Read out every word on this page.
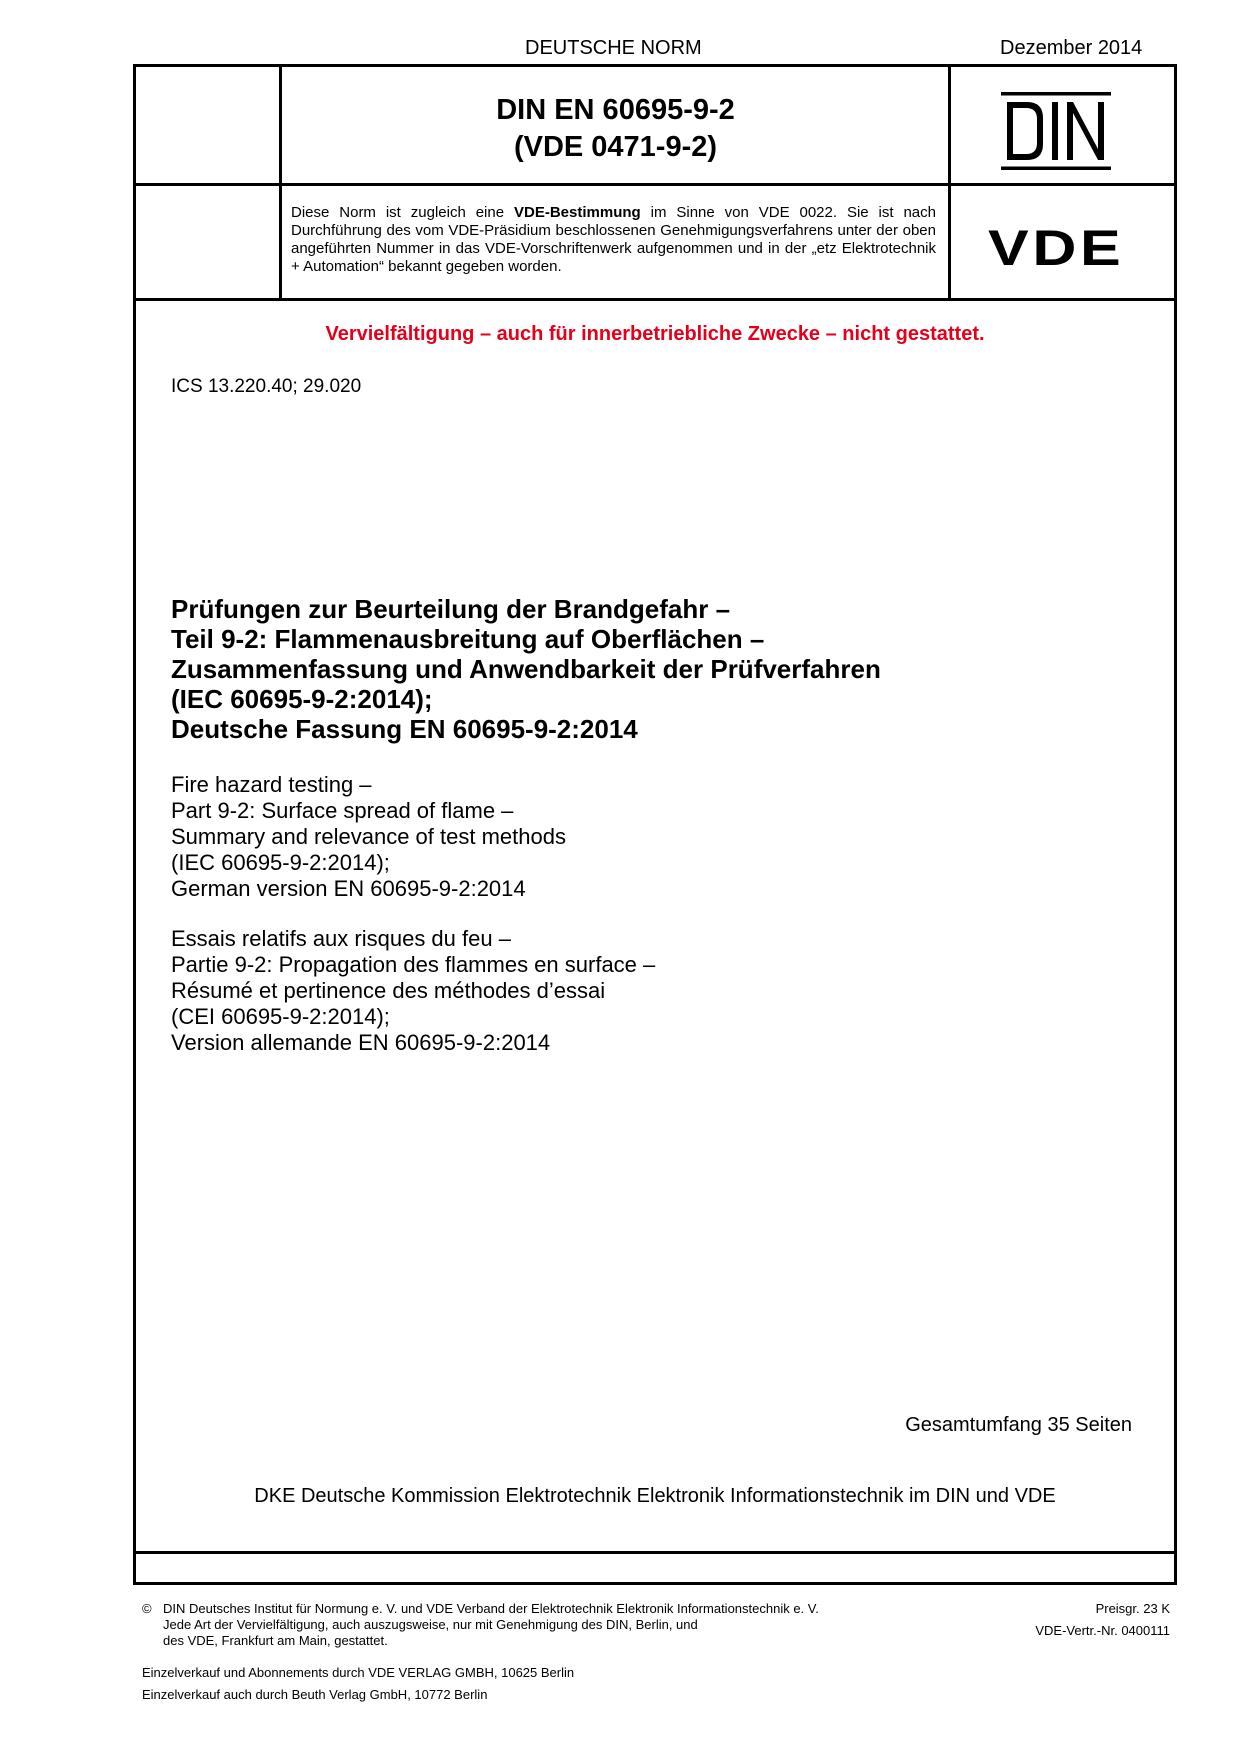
DEUTSCHE NORM	Dezember 2014
DIN EN 60695-9-2
(VDE 0471-9-2)
Diese Norm ist zugleich eine VDE-Bestimmung im Sinne von VDE 0022. Sie ist nach Durchführung des vom VDE-Präsidium beschlossenen Genehmigungsverfahrens unter der oben angeführten Nummer in das VDE-Vorschriftenwerk aufgenommen und in der „etz Elektrotechnik + Automation“ bekannt gegeben worden.	VDE
Vervielfältigung – auch für innerbetriebliche Zwecke – nicht gestattet.
ICS 13.220.40; 29.020
Prüfungen zur Beurteilung der Brandgefahr –
Teil 9-2: Flammenausbreitung auf Oberflächen –
Zusammenfassung und Anwendbarkeit der Prüfverfahren
(IEC 60695-9-2:2014);
Deutsche Fassung EN 60695-9-2:2014
Fire hazard testing –
Part 9-2: Surface spread of flame –
Summary and relevance of test methods
(IEC 60695-9-2:2014);
German version EN 60695-9-2:2014
Essais relatifs aux risques du feu –
Partie 9-2: Propagation des flammes en surface –
Résumé et pertinence des méthodes d’essai
(CEI 60695-9-2:2014);
Version allemande EN 60695-9-2:2014
Gesamtumfang 35 Seiten
DKE Deutsche Kommission Elektrotechnik Elektronik Informationstechnik im DIN und VDE
© DIN Deutsches Institut für Normung e. V. und VDE Verband der Elektrotechnik Elektronik Informationstechnik e. V.
Jede Art der Vervielfältigung, auch auszugsweise, nur mit Genehmigung des DIN, Berlin, und
des VDE, Frankfurt am Main, gestattet.
Preisgr. 23 K
VDE-Vertr.-Nr. 0400111
Einzelverkauf und Abonnements durch VDE VERLAG GMBH, 10625 Berlin
Einzelverkauf auch durch Beuth Verlag GmbH, 10772 Berlin
